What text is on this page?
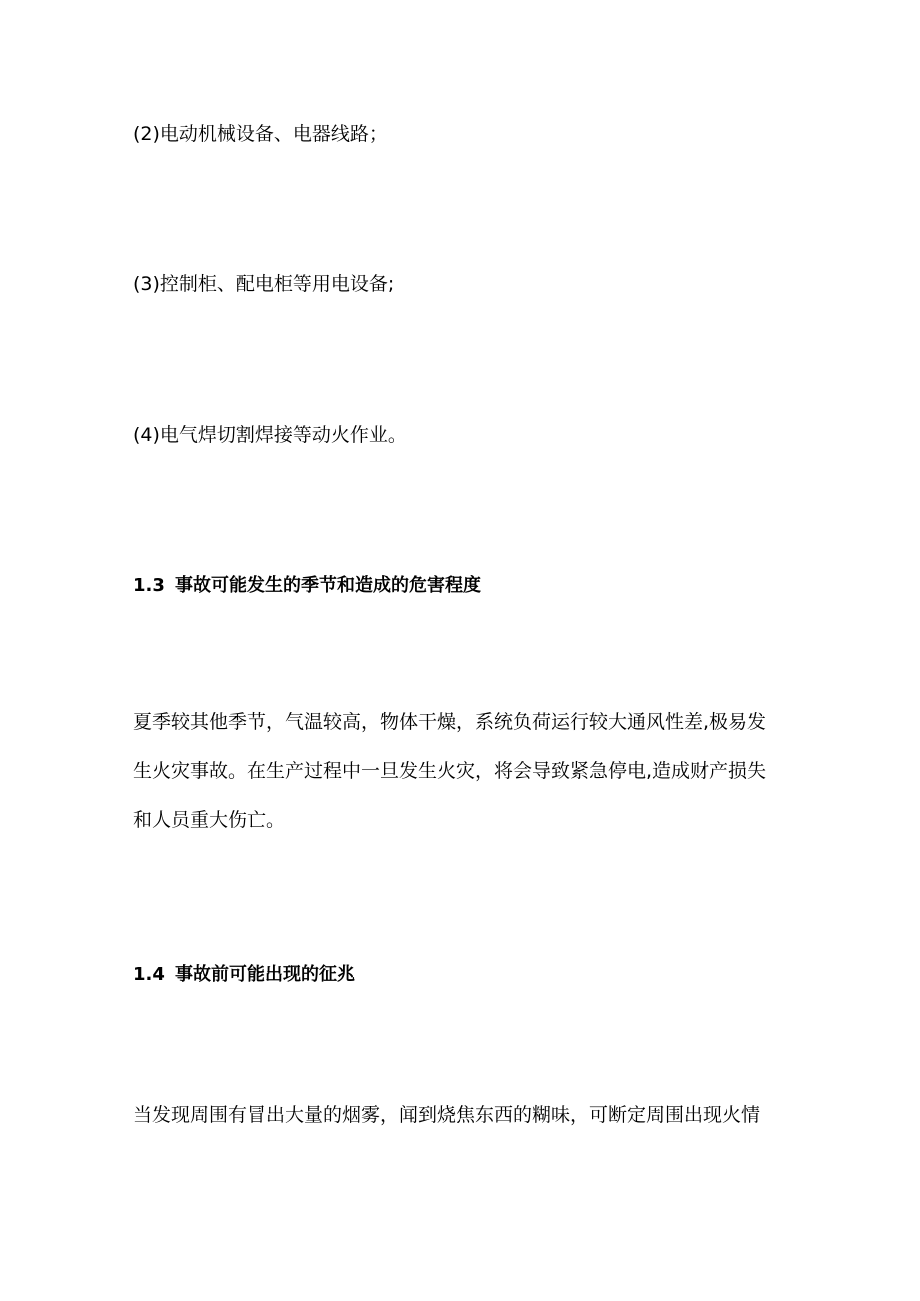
(2)电动机械设备、电器线路；
(3)控制柜、配电柜等用电设备;
(4)电气焊切割焊接等动火作业。
1.3 事故可能发生的季节和造成的危害程度
夏季较其他季节，气温较高，物体干燥，系统负荷运行较大通风性差,极易发
生火灾事故。在生产过程中一旦发生火灾，将会导致紧急停电,造成财产损失
和人员重大伤亡。
1.4 事故前可能出现的征兆
当发现周围有冒出大量的烟雾，闻到烧焦东西的糊味，可断定周围出现火情
